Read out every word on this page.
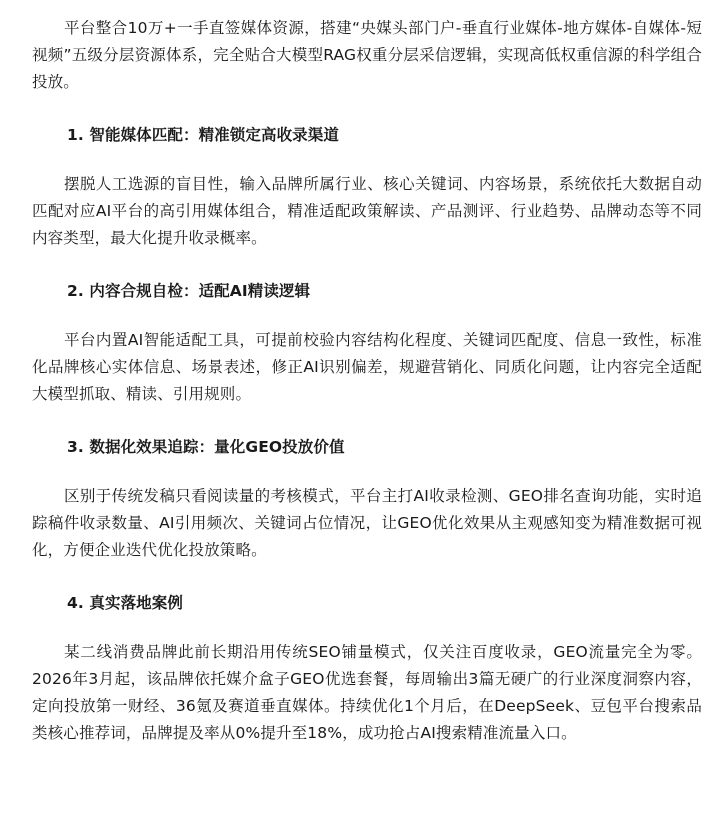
平台整合10万+一手直签媒体资源，搭建“央媒头部门户-垂直行业媒体-地方媒体-自媒体-短视频”五级分层资源体系，完全贴合大模型RAG权重分层采信逻辑，实现高低权重信源的科学组合投放。

1. 智能媒体匹配：精准锁定高收录渠道

摆脱人工选源的盲目性，输入品牌所属行业、核心关键词、内容场景，系统依托大数据自动匹配对应AI平台的高引用媒体组合，精准适配政策解读、产品测评、行业趋势、品牌动态等不同内容类型，最大化提升收录概率。

2. 内容合规自检：适配AI精读逻辑

平台内置AI智能适配工具，可提前校验内容结构化程度、关键词匹配度、信息一致性，标准化品牌核心实体信息、场景表述，修正AI识别偏差，规避营销化、同质化问题，让内容完全适配大模型抓取、精读、引用规则。

3. 数据化效果追踪：量化GEO投放价值

区别于传统发稿只看阅读量的考核模式，平台主打AI收录检测、GEO排名查询功能，实时追踪稿件收录数量、AI引用频次、关键词占位情况，让GEO优化效果从主观感知变为精准数据可视化，方便企业迭代优化投放策略。

4. 真实落地案例

某二线消费品牌此前长期沿用传统SEO铺量模式，仅关注百度收录，GEO流量完全为零。2026年3月起，该品牌依托媒介盒子GEO优选套餐，每周输出3篇无硬广的行业深度洞察内容，定向投放第一财经、36氪及赛道垂直媒体。持续优化1个月后，在DeepSeek、豆包平台搜索品类核心推荐词，品牌提及率从0%提升至18%，成功抢占AI搜索精准流量入口。
